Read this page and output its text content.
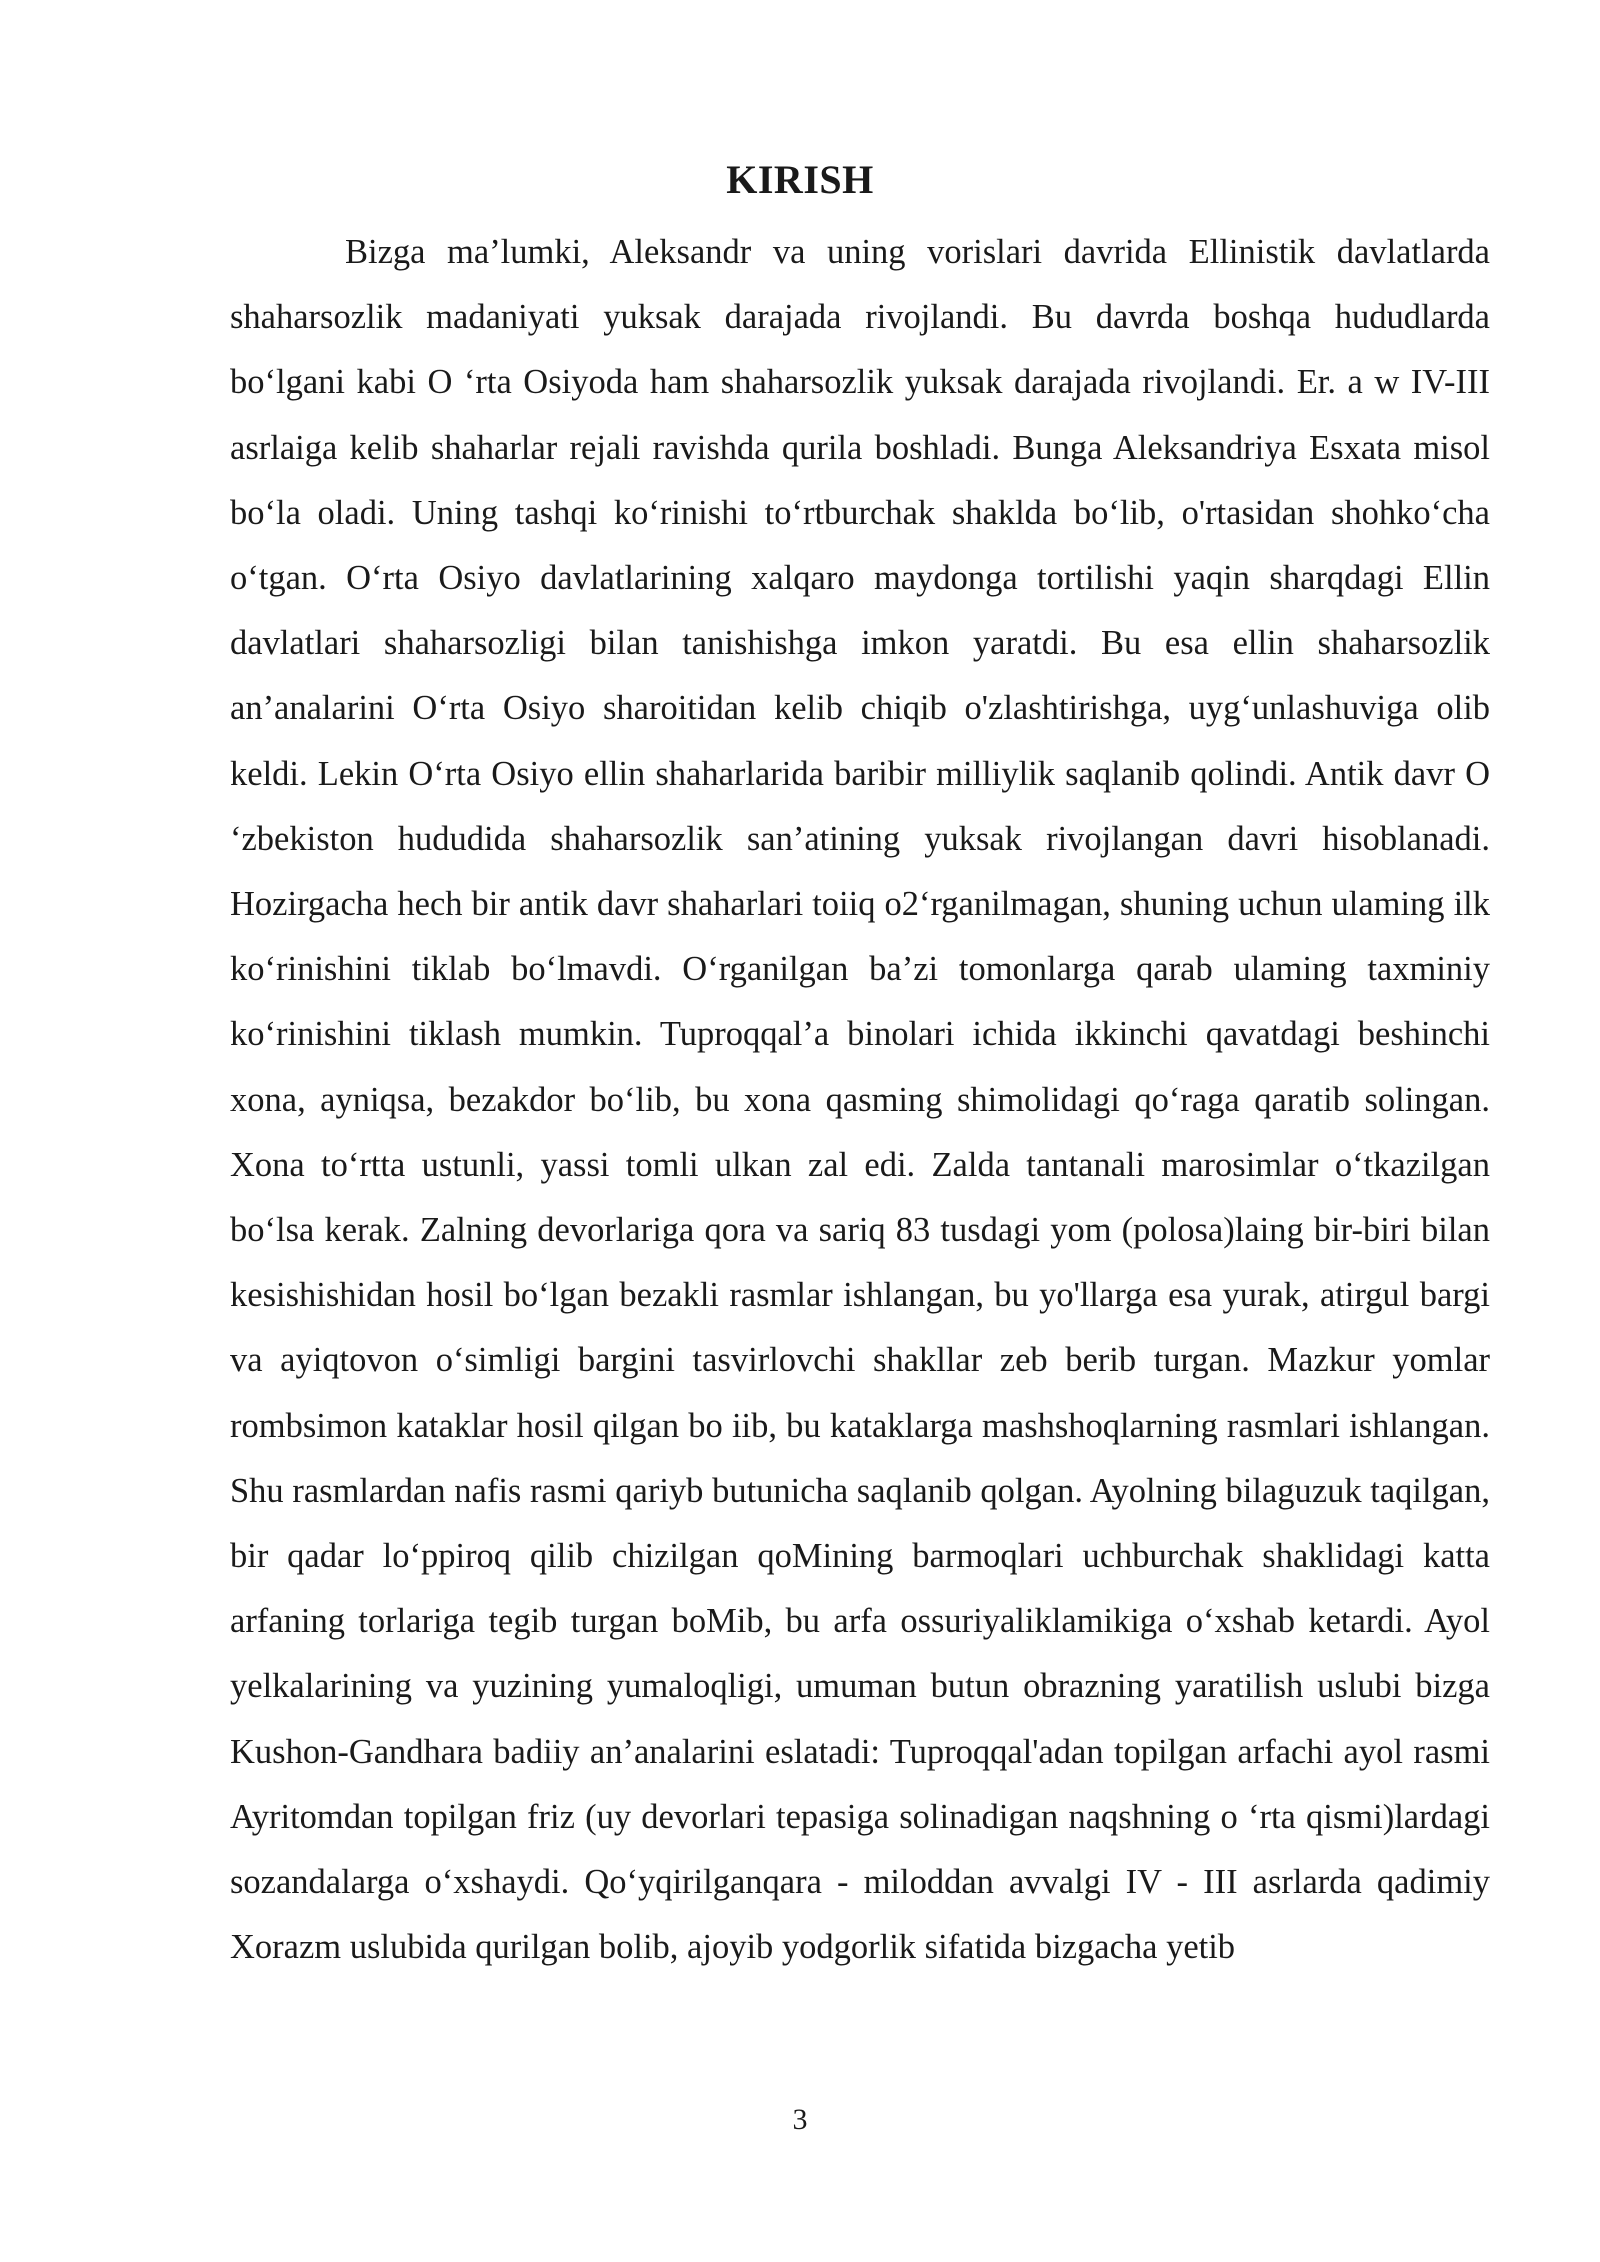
KIRISH

Bizga ma’lumki, Aleksandr va uning vorislari davrida Ellinistik davlatlarda shaharsozlik madaniyati yuksak darajada rivojlandi. Bu davrda boshqa hududlarda bo‘lgani kabi O ‘rta Osiyoda ham shaharsozlik yuksak darajada rivojlandi. Er. a w IV-III asrlaiga kelib shaharlar rejali ravishda qurila boshladi. Bunga Aleksandriya Esxata misol bo‘la oladi. Uning tashqi ko‘rinishi to‘rtburchak shaklda bo‘lib, o'rtasidan shohko‘cha o‘tgan. O‘rta Osiyo davlatlarining xalqaro maydonga tortilishi yaqin sharqdagi Ellin davlatlari shaharsozligi bilan tanishishga imkon yaratdi. Bu esa ellin shaharsozlik an’analarini O‘rta Osiyo sharoitidan kelib chiqib o'zlashtirishga, uyg‘unlashuviga olib keldi. Lekin O‘rta Osiyo ellin shaharlarida baribir milliylik saqlanib qolindi. Antik davr O ‘zbekiston hududida shaharsozlik san’atining yuksak rivojlangan davri hisoblanadi. Hozirgacha hech bir antik davr shaharlari toiiq o2‘rganilmagan, shuning uchun ulaming ilk ko‘rinishini tiklab bo‘lmavdi. O‘rganilgan ba’zi tomonlarga qarab ulaming taxminiy ko‘rinishini tiklash mumkin. Tuproqqal’a binolari ichida ikkinchi qavatdagi beshinchi xona, ayniqsa, bezakdor bo‘lib, bu xona qasming shimolidagi qo‘raga qaratib solingan. Xona to‘rtta ustunli, yassi tomli ulkan zal edi. Zalda tantanali marosimlar o‘tkazilgan bo‘lsa kerak. Zalning devorlariga qora va sariq 83 tusdagi yom (polosa)laing bir-biri bilan kesishishidan hosil bo‘lgan bezakli rasmlar ishlangan, bu yo'llarga esa yurak, atirgul bargi va ayiqtovon o‘simligi bargini tasvirlovchi shakllar zeb berib turgan. Mazkur yomlar rombsimon kataklar hosil qilgan bo iib, bu kataklarga mashshoqlarning rasmlari ishlangan. Shu rasmlardan nafis rasmi qariyb butunicha saqlanib qolgan. Ayolning bilaguzuk taqilgan, bir qadar lo‘ppiroq qilib chizilgan qoMining barmoqlari uchburchak shaklidagi katta arfaning torlariga tegib turgan boMib, bu arfa ossuriyaliklamikiga o‘xshab ketardi. Ayol yelkalarining va yuzining yumaloqligi, umuman butun obrazning yaratilish uslubi bizga Kushon-Gandhara badiiy an’analarini eslatadi: Tuproqqal'adan topilgan arfachi ayol rasmi Ayritomdan topilgan friz (uy devorlari tepasiga solinadigan naqshning o ‘rta qismi)lardagi sozandalarga o‘xshaydi. Qo‘yqirilganqara - miloddan avvalgi IV - III asrlarda qadimiy Xorazm uslubida qurilgan bolib, ajoyib yodgorlik sifatida bizgacha yetib

3
